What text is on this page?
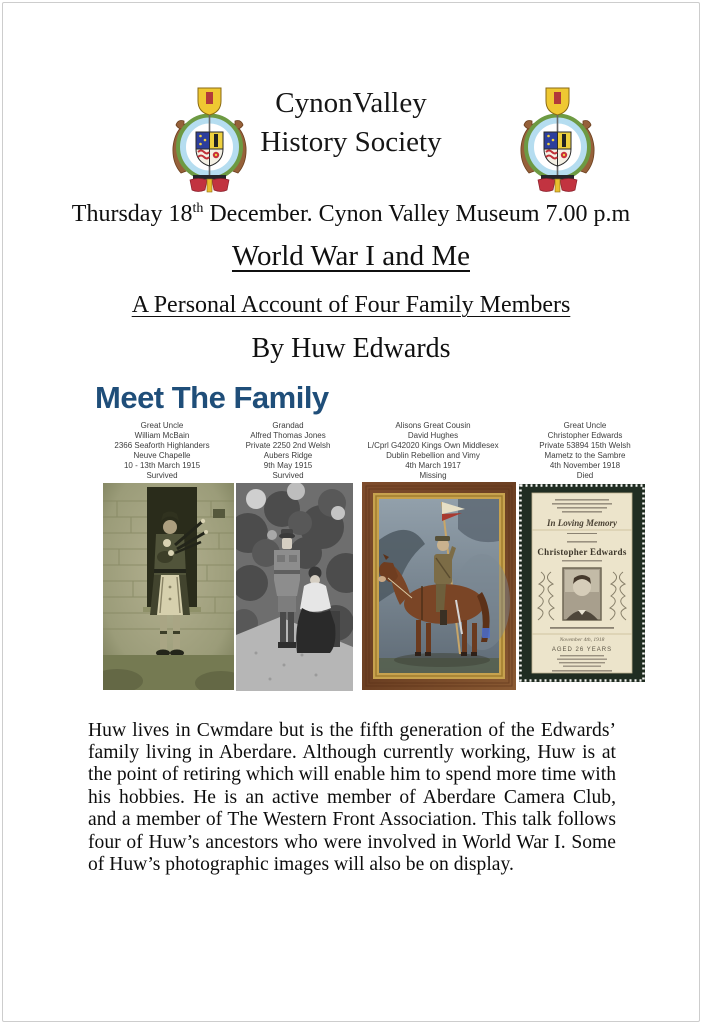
CynonValley
History Society
Thursday 18th December. Cynon Valley Museum 7.00 p.m
World War I and Me
A Personal Account of Four Family Members
By Huw Edwards
Meet The Family
Great Uncle
William McBain
2366 Seaforth Highlanders
Neuve Chapelle
10 - 13th March 1915
Survived
Grandad
Alfred Thomas Jones
Private 2250 2nd Welsh
Aubers Ridge
9th May 1915
Survived
Alisons Great Cousin
David Hughes
L/Cprl G42020 Kings Own Middlesex
Dublin Rebellion and Vimy
4th March 1917
Missing
Great Uncle
Christopher Edwards
Private 53894 15th Welsh
Mametz to the Sambre
4th November 1918
Died
In Loving Memory
Christopher Edwards
November 4th, 1918
AGED 26 YEARS

Huw lives in Cwmdare but is the fifth generation of the Edwards’ family living in Aberdare. Although currently working, Huw is at the point of retiring which will enable him to spend more time with his hobbies. He is an active member of Aberdare Camera Club, and a member of The Western Front Association. This talk follows four of Huw’s ancestors who were involved in World War I. Some of Huw’s photographic images will also be on display.
